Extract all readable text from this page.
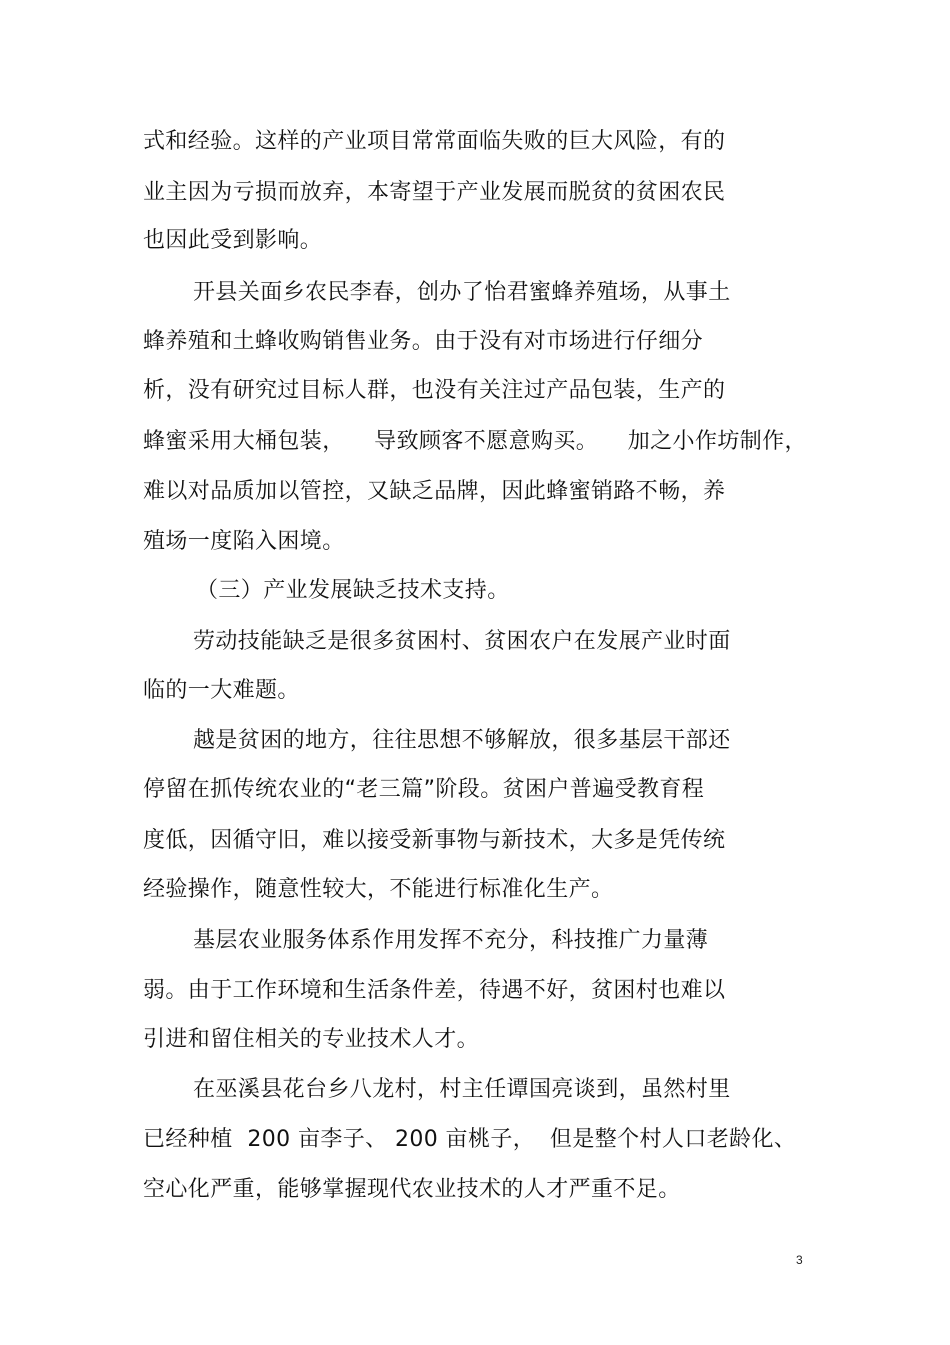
式和经验。这样的产业项目常常面临失败的巨大风险，有的
业主因为亏损而放弃，本寄望于产业发展而脱贫的贫困农民
也因此受到影响。
开县关面乡农民李春，创办了怡君蜜蜂养殖场，从事土
蜂养殖和土蜂收购销售业务。由于没有对市场进行仔细分
析，没有研究过目标人群，也没有关注过产品包装，生产的
蜂蜜采用大桶包装，    导致顾客不愿意购买。    加之小作坊制作，
难以对品质加以管控，又缺乏品牌，因此蜂蜜销路不畅，养
殖场一度陷入困境。
（三）产业发展缺乏技术支持。
劳动技能缺乏是很多贫困村、贫困农户在发展产业时面
临的一大难题。
越是贫困的地方，往往思想不够解放，很多基层干部还
停留在抓传统农业的“老三篇”阶段。贫困户普遍受教育程
度低，因循守旧，难以接受新事物与新技术，大多是凭传统
经验操作，随意性较大，不能进行标准化生产。
基层农业服务体系作用发挥不充分，科技推广力量薄
弱。由于工作环境和生活条件差，待遇不好，贫困村也难以
引进和留住相关的专业技术人才。
在巫溪县花台乡八龙村，村主任谭国亮谈到，虽然村里
已经种植  200 亩李子、 200 亩桃子，  但是整个村人口老龄化、
空心化严重，能够掌握现代农业技术的人才严重不足。
3
